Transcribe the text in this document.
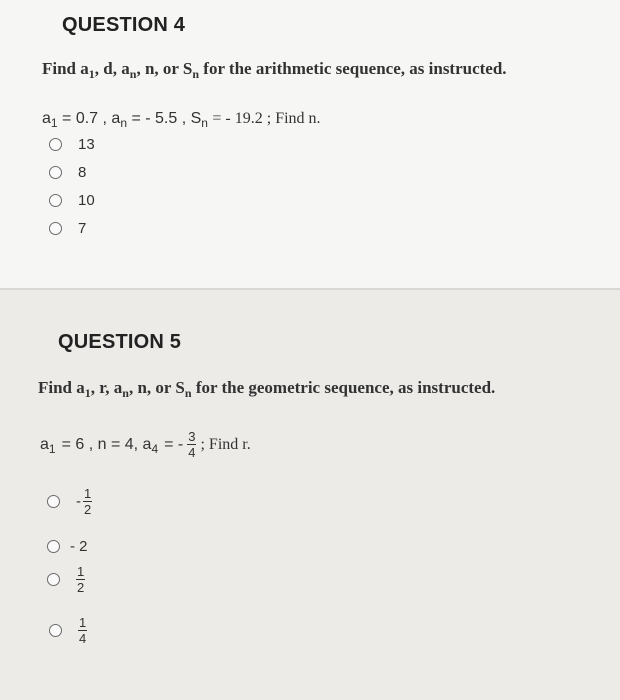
QUESTION 4
Find $a_1$, d, $a_n$, n, or $S_n$ for the arithmetic sequence, as instructed.
$a_1 = 0.7$ , $a_n$ = - 5.5 , $S_n$ = - 19.2 ; Find n.
13
8
10
7
QUESTION 5
Find $a_1$, r, $a_n$, n, or $S_n$ for the geometric sequence, as instructed.
a 1 = 6 , n = 4, a 4 = - $\frac{3}{4}$ ; Find r.
- $\frac{1}{2}$
- 2
$\frac{1}{2}$
$\frac{1}{4}$
